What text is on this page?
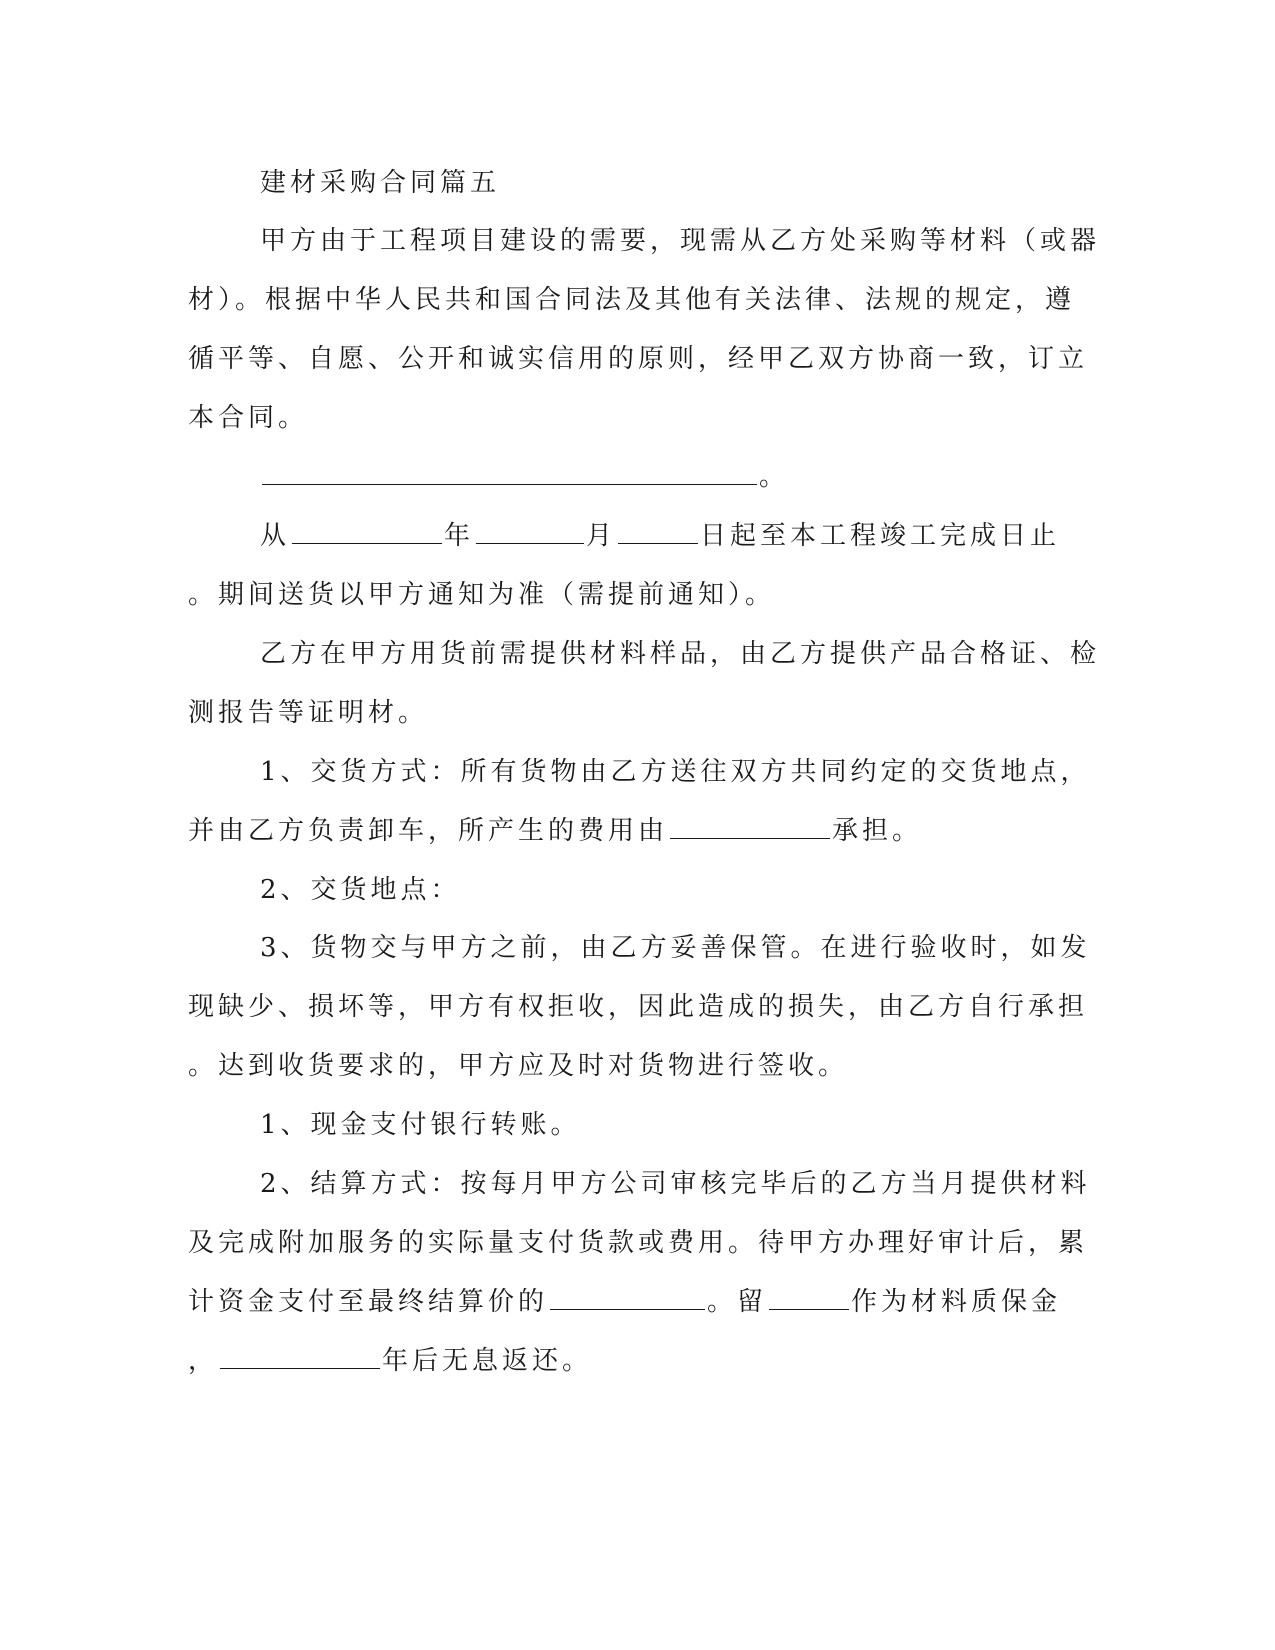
建材采购合同篇五
甲方由于工程项目建设的需要，现需从乙方处采购等材料（或器
材）。根据中华人民共和国合同法及其他有关法律、法规的规定，遵
循平等、自愿、公开和诚实信用的原则，经甲乙双方协商一致，订立
本合同。
。
从	年	月	日起至本工程竣工完成日止
。期间送货以甲方通知为准（需提前通知）。
乙方在甲方用货前需提供材料样品，由乙方提供产品合格证、检
测报告等证明材。
1、交货方式：所有货物由乙方送往双方共同约定的交货地点，
并由乙方负责卸车，所产生的费用由	承担。
2、交货地点：
3、货物交与甲方之前，由乙方妥善保管。在进行验收时，如发
现缺少、损坏等，甲方有权拒收，因此造成的损失，由乙方自行承担
。达到收货要求的，甲方应及时对货物进行签收。
1、现金支付银行转账。
2、结算方式：按每月甲方公司审核完毕后的乙方当月提供材料
及完成附加服务的实际量支付货款或费用。待甲方办理好审计后，累
计资金支付至最终结算价的	。留	作为材料质保金
，	年后无息返还。
